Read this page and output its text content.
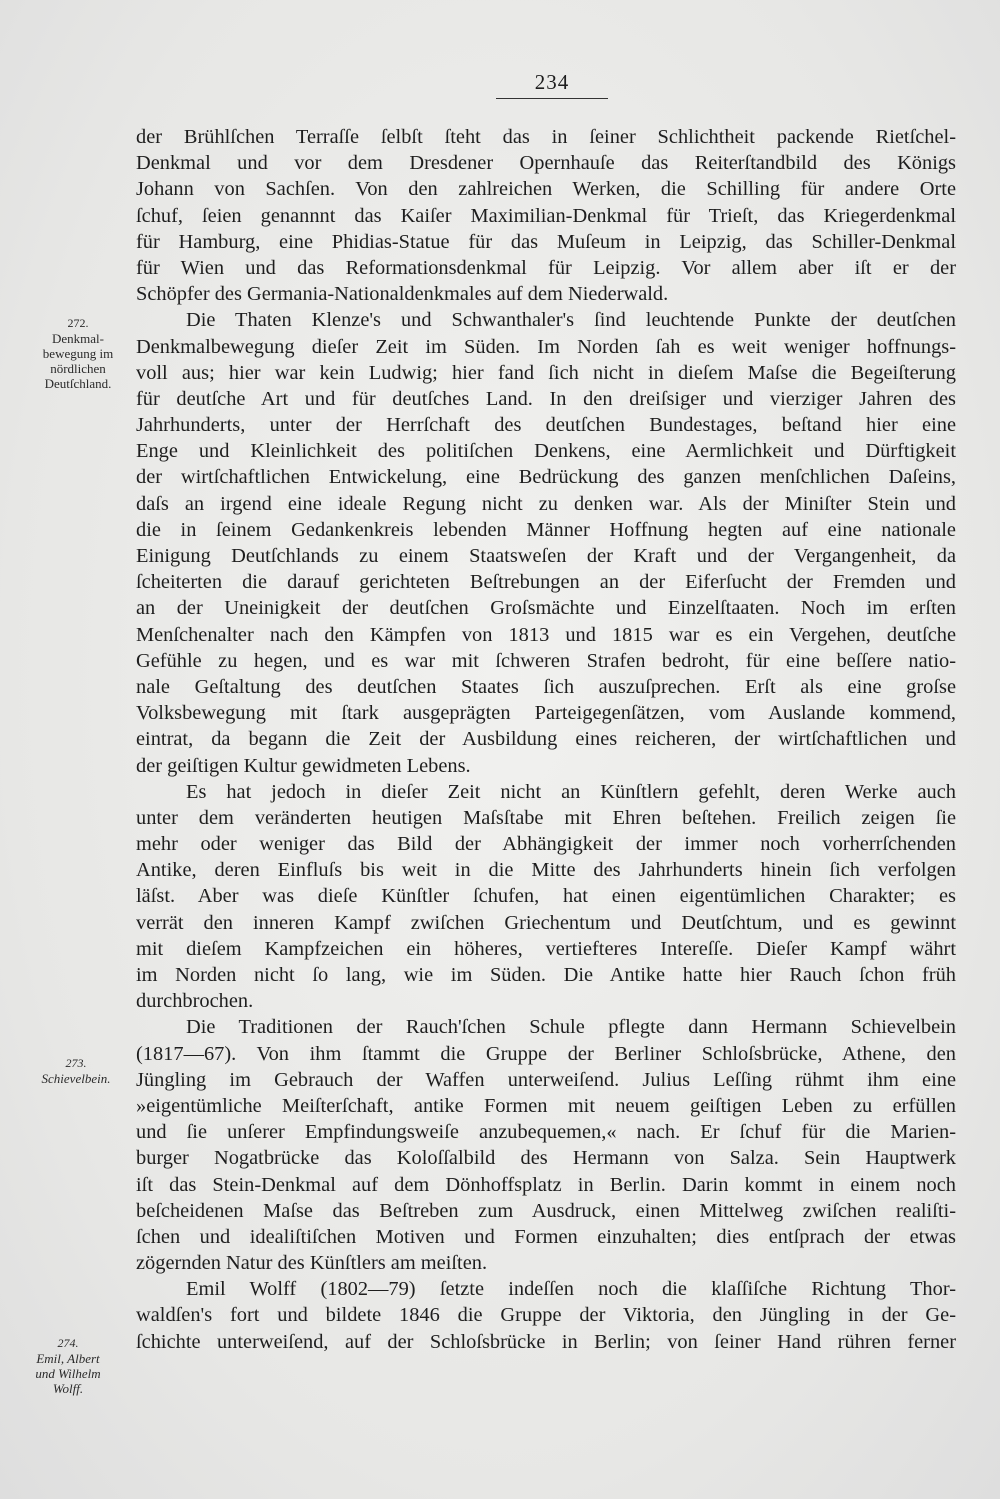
234
272.
Denkmal-
bewegung im
nördlichen
Deutſchland.
273.
Schievelbein.
274.
Emil, Albert
und Wilhelm
Wolff.
der Brühlſchen Terraſſe ſelbſt ſteht das in ſeiner Schlichtheit packende Rietſchel-
Denkmal und vor dem Dresdener Opernhauſe das Reiterſtandbild des Königs
Johann von Sachſen. Von den zahlreichen Werken, die Schilling für andere Orte
ſchuf, ſeien genannnt das Kaiſer Maximilian-Denkmal für Trieſt, das Kriegerdenkmal
für Hamburg, eine Phidias-Statue für das Muſeum in Leipzig, das Schiller-Denkmal
für Wien und das Reformationsdenkmal für Leipzig. Vor allem aber iſt er der
Schöpfer des Germania-Nationaldenkmales auf dem Niederwald.
Die Thaten Klenze's und Schwanthaler's ſind leuchtende Punkte der deutſchen
Denkmalbewegung dieſer Zeit im Süden. Im Norden ſah es weit weniger hoffnungs-
voll aus; hier war kein Ludwig; hier fand ſich nicht in dieſem Maſse die Begeiſterung
für deutſche Art und für deutſches Land. In den dreiſsiger und vierziger Jahren des
Jahrhunderts, unter der Herrſchaft des deutſchen Bundestages, beſtand hier eine
Enge und Kleinlichkeit des politiſchen Denkens, eine Aermlichkeit und Dürftigkeit
der wirtſchaftlichen Entwickelung, eine Bedrückung des ganzen menſchlichen Daſeins,
daſs an irgend eine ideale Regung nicht zu denken war. Als der Miniſter Stein und
die in ſeinem Gedankenkreis lebenden Männer Hoffnung hegten auf eine nationale
Einigung Deutſchlands zu einem Staatsweſen der Kraft und der Vergangenheit, da
ſcheiterten die darauf gerichteten Beſtrebungen an der Eiferſucht der Fremden und
an der Uneinigkeit der deutſchen Groſsmächte und Einzelſtaaten. Noch im erſten
Menſchenalter nach den Kämpfen von 1813 und 1815 war es ein Vergehen, deutſche
Gefühle zu hegen, und es war mit ſchweren Strafen bedroht, für eine beſſere natio-
nale Geſtaltung des deutſchen Staates ſich auszuſprechen. Erſt als eine groſse
Volksbewegung mit ſtark ausgeprägten Parteigegenſätzen, vom Auslande kommend,
eintrat, da begann die Zeit der Ausbildung eines reicheren, der wirtſchaftlichen und
der geiſtigen Kultur gewidmeten Lebens.
Es hat jedoch in dieſer Zeit nicht an Künſtlern gefehlt, deren Werke auch
unter dem veränderten heutigen Maſsſtabe mit Ehren beſtehen. Freilich zeigen ſie
mehr oder weniger das Bild der Abhängigkeit der immer noch vorherrſchenden
Antike, deren Einfluſs bis weit in die Mitte des Jahrhunderts hinein ſich verfolgen
läſst. Aber was dieſe Künſtler ſchufen, hat einen eigentümlichen Charakter; es
verrät den inneren Kampf zwiſchen Griechentum und Deutſchtum, und es gewinnt
mit dieſem Kampfzeichen ein höheres, vertiefteres Intereſſe. Dieſer Kampf währt
im Norden nicht ſo lang, wie im Süden. Die Antike hatte hier Rauch ſchon früh
durchbrochen.
Die Traditionen der Rauch'ſchen Schule pflegte dann Hermann Schievelbein
(1817—67). Von ihm ſtammt die Gruppe der Berliner Schloſsbrücke, Athene, den
Jüngling im Gebrauch der Waffen unterweiſend. Julius Leſſing rühmt ihm eine
»eigentümliche Meiſterſchaft, antike Formen mit neuem geiſtigen Leben zu erfüllen
und ſie unſerer Empfindungsweiſe anzubequemen,« nach. Er ſchuf für die Marien-
burger Nogatbrücke das Koloſſalbild des Hermann von Salza. Sein Hauptwerk
iſt das Stein-Denkmal auf dem Dönhoffsplatz in Berlin. Darin kommt in einem noch
beſcheidenen Maſse das Beſtreben zum Ausdruck, einen Mittelweg zwiſchen realiſti-
ſchen und idealiſtiſchen Motiven und Formen einzuhalten; dies entſprach der etwas
zögernden Natur des Künſtlers am meiſten.
Emil Wolff (1802—79) ſetzte indeſſen noch die klaſſiſche Richtung Thor-
waldſen's fort und bildete 1846 die Gruppe der Viktoria, den Jüngling in der Ge-
ſchichte unterweiſend, auf der Schloſsbrücke in Berlin; von ſeiner Hand rühren ferner
